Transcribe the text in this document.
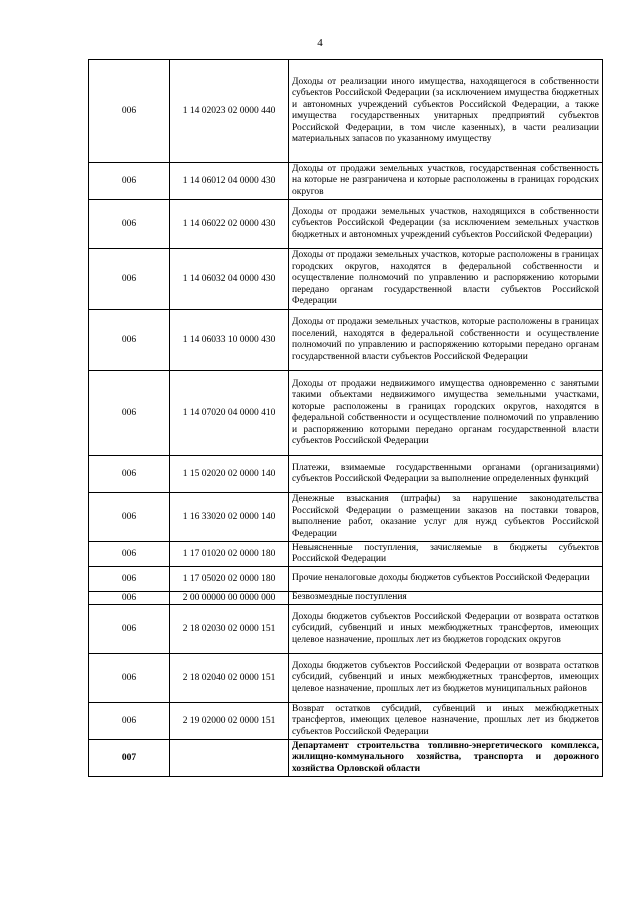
4
006	1 14 02023 02 0000 440	Доходы от реализации иного имущества, находящегося в собственности субъектов Российской Федерации (за исключением имущества бюджетных и автономных учреждений субъектов Российской Федерации, а также имущества государственных унитарных предприятий субъектов Российской Федерации, в том числе казенных), в части реализации материальных запасов по указанному имуществу
006	1 14 06012 04 0000 430	Доходы от продажи земельных участков, государственная собственность на которые не разграничена и которые расположены в границах городских округов
006	1 14 06022 02 0000 430	Доходы от продажи земельных участков, находящихся в собственности субъектов Российской Федерации (за исключением земельных участков бюджетных и автономных учреждений субъектов Российской Федерации)
006	1 14 06032 04 0000 430	Доходы от продажи земельных участков, которые расположены в границах городских округов, находятся в федеральной собственности и осуществление полномочий по управлению и распоряжению которыми передано органам государственной власти субъектов Российской Федерации
006	1 14 06033 10 0000 430	Доходы от продажи земельных участков, которые расположены в границах поселений, находятся в федеральной собственности и осуществление полномочий по управлению и распоряжению которыми передано органам государственной власти субъектов Российской Федерации
006	1 14 07020 04 0000 410	Доходы от продажи недвижимого имущества одновременно с занятыми такими объектами недвижимого имущества земельными участками, которые расположены в границах городских округов, находятся в федеральной собственности и осуществление полномочий по управлению и распоряжению которыми передано органам государственной власти субъектов Российской Федерации
006	1 15 02020 02 0000 140	Платежи, взимаемые государственными органами (организациями) субъектов Российской Федерации за выполнение определенных функций
006	1 16 33020 02 0000 140	Денежные взыскания (штрафы) за нарушение законодательства Российской Федерации о размещении заказов на поставки товаров, выполнение работ, оказание услуг для нужд субъектов Российской Федерации
006	1 17 01020 02 0000 180	Невыясненные поступления, зачисляемые в бюджеты субъектов Российской Федерации
006	1 17 05020 02 0000 180	Прочие неналоговые доходы бюджетов субъектов Российской Федерации
006	2 00 00000 00 0000 000	Безвозмездные поступления
006	2 18 02030 02 0000 151	Доходы бюджетов субъектов Российской Федерации от возврата остатков субсидий, субвенций и иных межбюджетных трансфертов, имеющих целевое назначение, прошлых лет из бюджетов городских округов
006	2 18 02040 02 0000 151	Доходы бюджетов субъектов Российской Федерации от возврата остатков субсидий, субвенций и иных межбюджетных трансфертов, имеющих целевое назначение, прошлых лет из бюджетов муниципальных районов
006	2 19 02000 02 0000 151	Возврат остатков субсидий, субвенций и иных межбюджетных трансфертов, имеющих целевое назначение, прошлых лет из бюджетов субъектов Российской Федерации
007		Департамент строительства топливно-энергетического комплекса, жилищно-коммунального хозяйства, транспорта и дорожного хозяйства Орловской области
